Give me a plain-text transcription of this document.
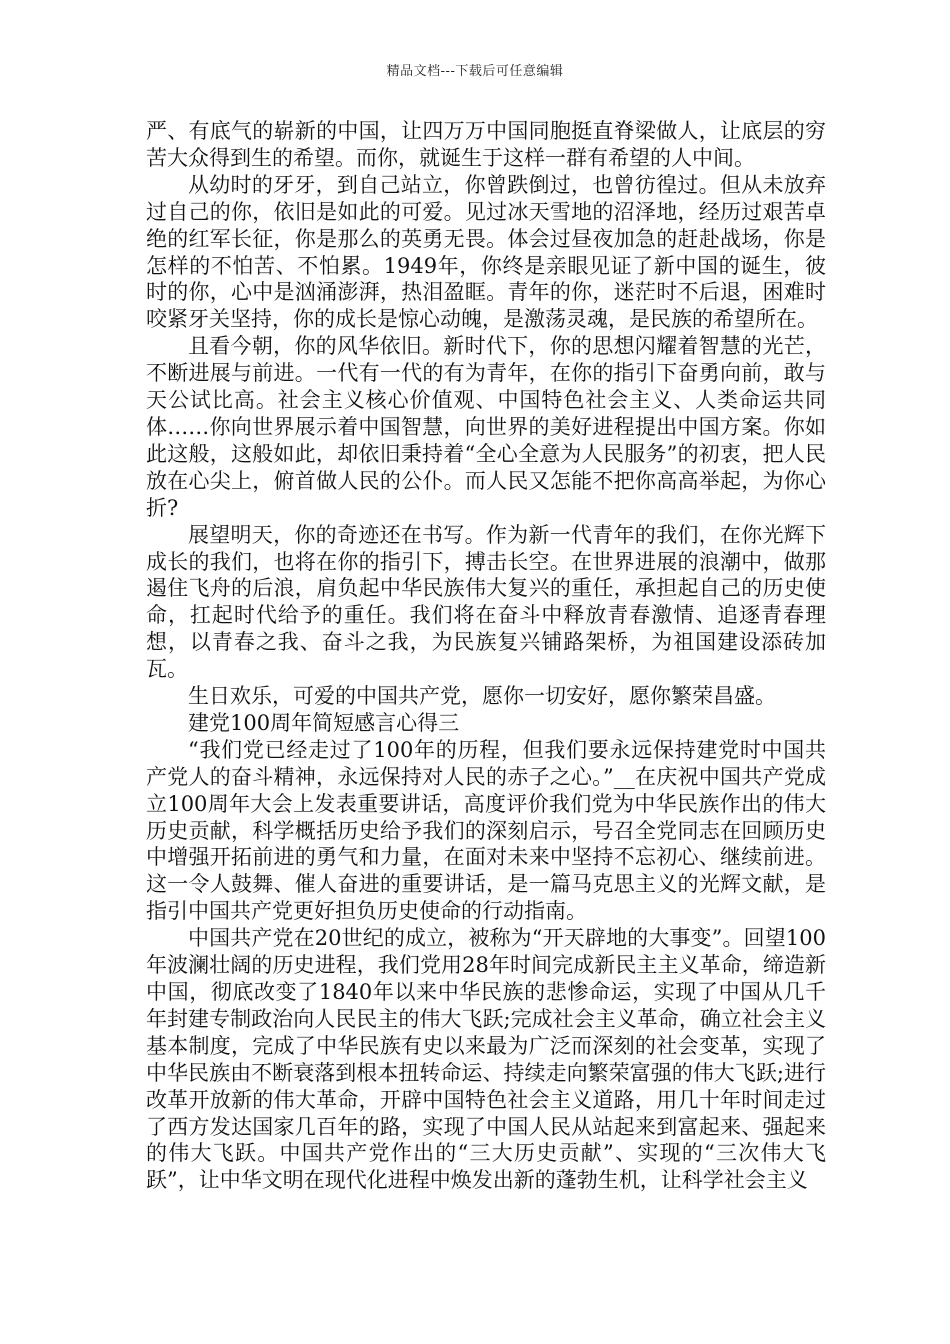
精品文档---下载后可任意编辑

严、有底气的崭新的中国，让四万万中国同胞挺直脊梁做人，让底层的穷苦大众得到生的希望。而你，就诞生于这样一群有希望的人中间。

从幼时的牙牙，到自己站立，你曾跌倒过，也曾彷徨过。但从未放弃过自己的你，依旧是如此的可爱。见过冰天雪地的沼泽地，经历过艰苦卓绝的红军长征，你是那么的英勇无畏。体会过昼夜加急的赶赴战场，你是怎样的不怕苦、不怕累。1949年，你终是亲眼见证了新中国的诞生，彼时的你，心中是汹涌澎湃，热泪盈眶。青年的你，迷茫时不后退，困难时咬紧牙关坚持，你的成长是惊心动魄，是激荡灵魂，是民族的希望所在。

且看今朝，你的风华依旧。新时代下，你的思想闪耀着智慧的光芒，不断进展与前进。一代有一代的有为青年，在你的指引下奋勇向前，敢与天公试比高。社会主义核心价值观、中国特色社会主义、人类命运共同体……你向世界展示着中国智慧，向世界的美好进程提出中国方案。你如此这般，这般如此，却依旧秉持着“全心全意为人民服务”的初衷，把人民放在心尖上，俯首做人民的公仆。而人民又怎能不把你高高举起，为你心折?

展望明天，你的奇迹还在书写。作为新一代青年的我们，在你光辉下成长的我们，也将在你的指引下，搏击长空。在世界进展的浪潮中，做那遏住飞舟的后浪，肩负起中华民族伟大复兴的重任，承担起自己的历史使命，扛起时代给予的重任。我们将在奋斗中释放青春激情、追逐青春理想，以青春之我、奋斗之我，为民族复兴铺路架桥，为祖国建设添砖加瓦。

生日欢乐，可爱的中国共产党，愿你一切安好，愿你繁荣昌盛。

建党100周年简短感言心得三

“我们党已经走过了100年的历程，但我们要永远保持建党时中国共产党人的奋斗精神，永远保持对人民的赤子之心。”__在庆祝中国共产党成立100周年大会上发表重要讲话，高度评价我们党为中华民族作出的伟大历史贡献，科学概括历史给予我们的深刻启示，号召全党同志在回顾历史中增强开拓前进的勇气和力量，在面对未来中坚持不忘初心、继续前进。这一令人鼓舞、催人奋进的重要讲话，是一篇马克思主义的光辉文献，是指引中国共产党更好担负历史使命的行动指南。

中国共产党在20世纪的成立，被称为“开天辟地的大事变”。回望100年波澜壮阔的历史进程，我们党用28年时间完成新民主主义革命，缔造新中国，彻底改变了1840年以来中华民族的悲惨命运，实现了中国从几千年封建专制政治向人民民主的伟大飞跃;完成社会主义革命，确立社会主义基本制度，完成了中华民族有史以来最为广泛而深刻的社会变革，实现了中华民族由不断衰落到根本扭转命运、持续走向繁荣富强的伟大飞跃;进行改革开放新的伟大革命，开辟中国特色社会主义道路，用几十年时间走过了西方发达国家几百年的路，实现了中国人民从站起来到富起来、强起来的伟大飞跃。中国共产党作出的“三大历史贡献”、实现的“三次伟大飞跃”，让中华文明在现代化进程中焕发出新的蓬勃生机，让科学社会主义
